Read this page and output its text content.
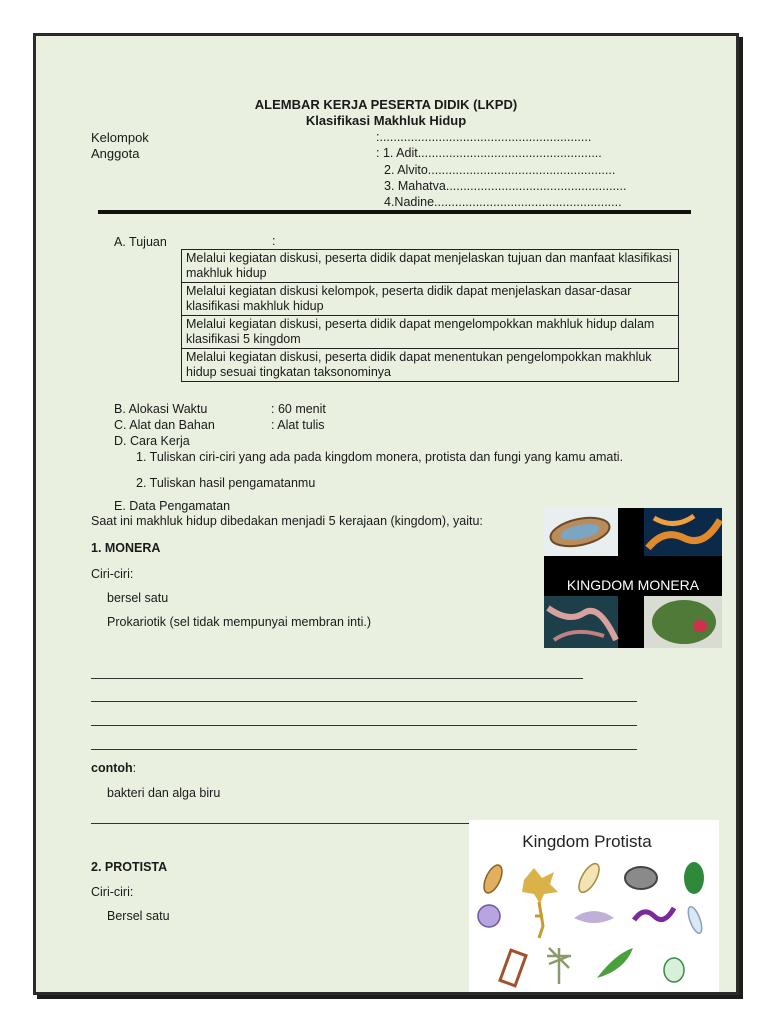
ALEMBAR KERJA PESERTA DIDIK (LKPD)
Klasifikasi Makhluk Hidup
Kelompok	:.............................................................
Anggota	: 1. Adit.....................................................
2. Alvito......................................................
3. Mahatva....................................................
4.Nadine......................................................
A. Tujuan	:
Melalui kegiatan diskusi, peserta didik dapat menjelaskan tujuan dan manfaat klasifikasi makhluk hidup
Melalui kegiatan diskusi kelompok, peserta didik dapat menjelaskan dasar-dasar klasifikasi makhluk hidup
Melalui kegiatan diskusi, peserta didik dapat mengelompokkan makhluk hidup dalam klasifikasi 5 kingdom
Melalui kegiatan diskusi, peserta didik dapat menentukan pengelompokkan makhluk hidup sesuai tingkatan taksonominya
B. Alokasi Waktu	: 60 menit
C. Alat dan Bahan	: Alat tulis
D. Cara Kerja
1. Tuliskan ciri-ciri yang ada pada kingdom monera, protista dan fungi yang kamu amati.
2. Tuliskan hasil pengamatanmu
E. Data Pengamatan
Saat ini makhluk hidup dibedakan menjadi 5 kerajaan (kingdom), yaitu:
1. MONERA
Ciri-ciri:
bersel satu
Prokariotik (sel tidak mempunyai membran inti.)
KINGDOM MONERA
contoh:
bakteri dan alga biru
2. PROTISTA
Ciri-ciri:
Bersel satu
Kingdom Protista
